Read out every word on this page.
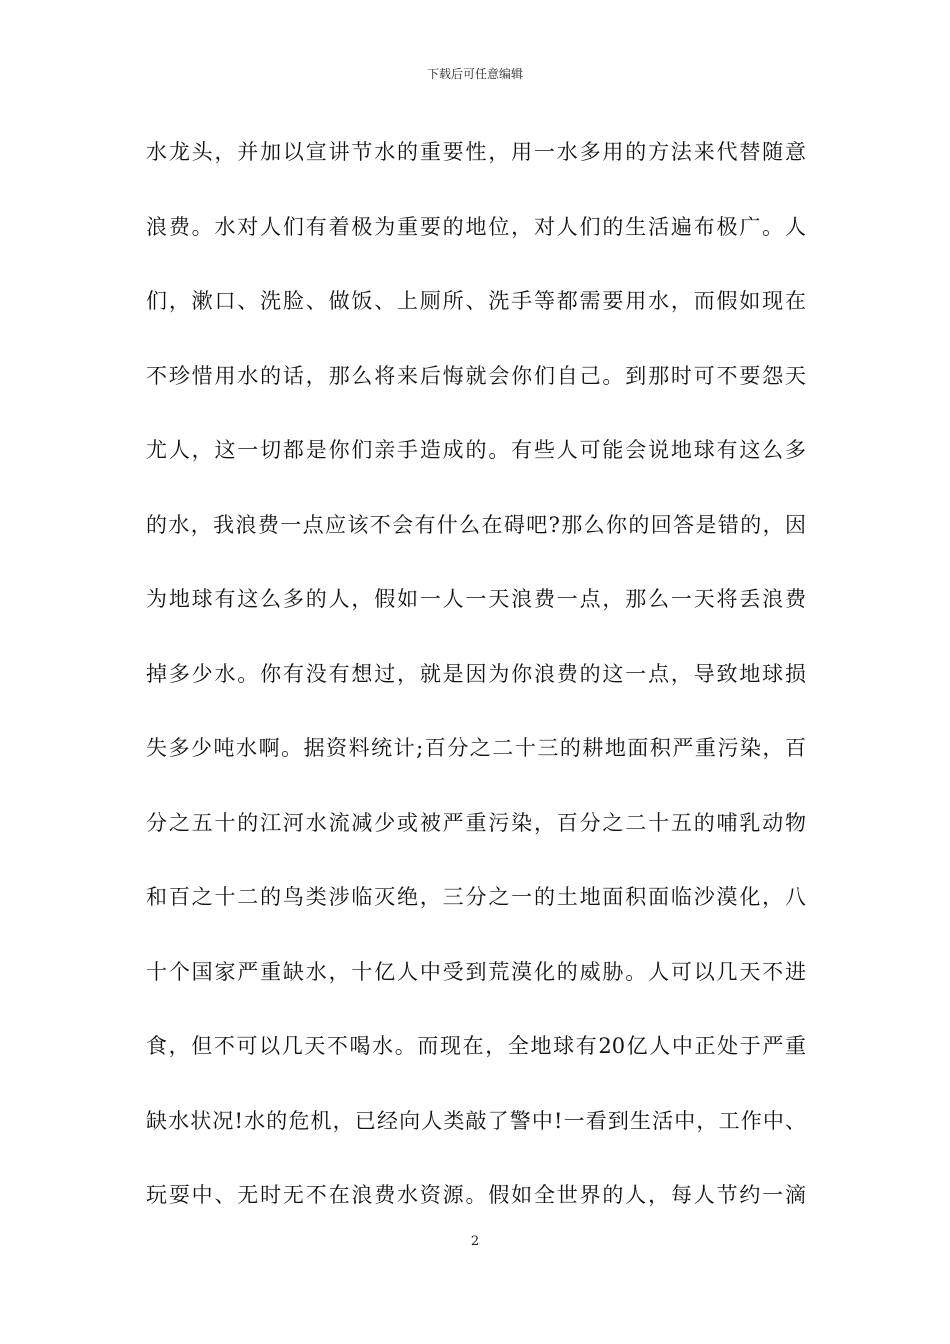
下载后可任意编辑
水龙头，并加以宣讲节水的重要性，用一水多用的方法来代替随意
浪费。水对人们有着极为重要的地位，对人们的生活遍布极广。人
们，漱口、洗脸、做饭、上厕所、洗手等都需要用水，而假如现在
不珍惜用水的话，那么将来后悔就会你们自己。到那时可不要怨天
尤人，这一切都是你们亲手造成的。有些人可能会说地球有这么多
的水，我浪费一点应该不会有什么在碍吧?那么你的回答是错的，因
为地球有这么多的人，假如一人一天浪费一点，那么一天将丢浪费
掉多少水。你有没有想过，就是因为你浪费的这一点，导致地球损
失多少吨水啊。据资料统计;百分之二十三的耕地面积严重污染，百
分之五十的江河水流减少或被严重污染，百分之二十五的哺乳动物
和百之十二的鸟类涉临灭绝，三分之一的土地面积面临沙漠化，八
十个国家严重缺水，十亿人中受到荒漠化的威胁。人可以几天不进
食，但不可以几天不喝水。而现在，全地球有20亿人中正处于严重
缺水状况!水的危机，已经向人类敲了警中!一看到生活中，工作中、
玩耍中、无时无不在浪费水资源。假如全世界的人，每人节约一滴
2
